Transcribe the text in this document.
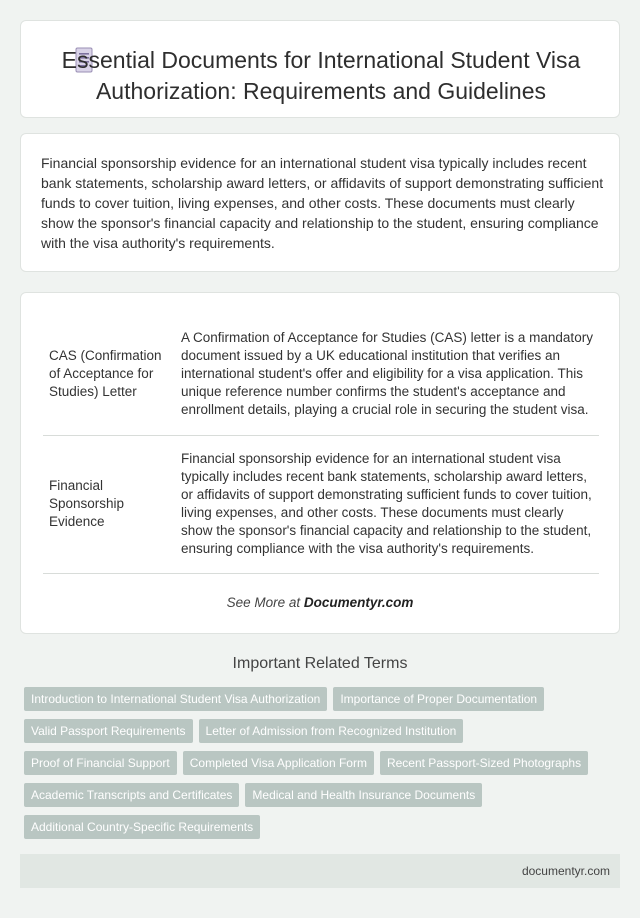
Essential Documents for International Student Visa Authorization: Requirements and Guidelines

Financial sponsorship evidence for an international student visa typically includes recent bank statements, scholarship award letters, or affidavits of support demonstrating sufficient funds to cover tuition, living expenses, and other costs. These documents must clearly show the sponsor's financial capacity and relationship to the student, ensuring compliance with the visa authority's requirements.

CAS (Confirmation of Acceptance for Studies) Letter	A Confirmation of Acceptance for Studies (CAS) letter is a mandatory document issued by a UK educational institution that verifies an international student's offer and eligibility for a visa application. This unique reference number confirms the student's acceptance and enrollment details, playing a crucial role in securing the student visa.
Financial Sponsorship Evidence	Financial sponsorship evidence for an international student visa typically includes recent bank statements, scholarship award letters, or affidavits of support demonstrating sufficient funds to cover tuition, living expenses, and other costs. These documents must clearly show the sponsor's financial capacity and relationship to the student, ensuring compliance with the visa authority's requirements.
See More at Documentyr.com
Important Related Terms
Introduction to International Student Visa Authorization	Importance of Proper Documentation
Valid Passport Requirements	Letter of Admission from Recognized Institution
Proof of Financial Support	Completed Visa Application Form	Recent Passport-Sized Photographs
Academic Transcripts and Certificates	Medical and Health Insurance Documents
Additional Country-Specific Requirements
documentyr.com
